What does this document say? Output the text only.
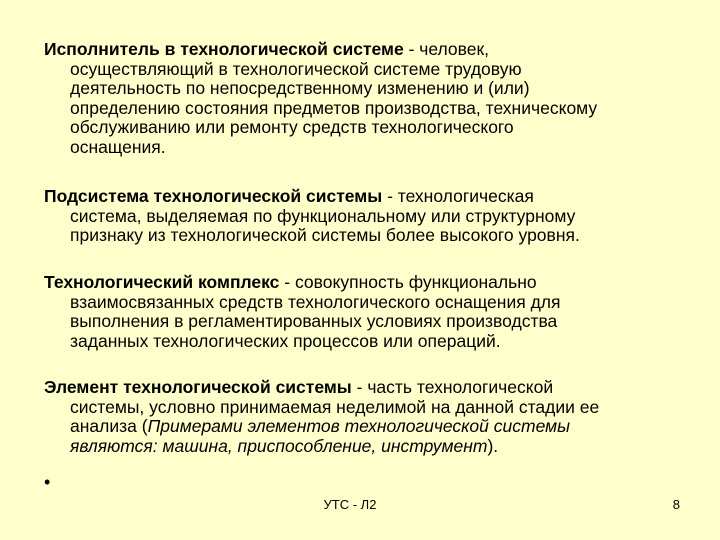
Исполнитель в технологической системе - человек,
осуществляющий в технологической системе трудовую
деятельность по непосредственному изменению и (или)
определению состояния предметов производства, техническому
обслуживанию или ремонту средств технологического
оснащения.
Подсистема технологической системы - технологическая
система, выделяемая по функциональному или структурному
признаку из технологической системы более высокого уровня.
Технологический комплекс - совокупность функционально
взаимосвязанных средств технологического оснащения для
выполнения в регламентированных условиях производства
заданных технологических процессов или операций.
Элемент технологической системы - часть технологической
системы, условно принимаемая неделимой на данной стадии ее
анализа (Примерами элементов технологической системы
являются: машина, приспособление, инструмент).
•
УТС - Л2	8
